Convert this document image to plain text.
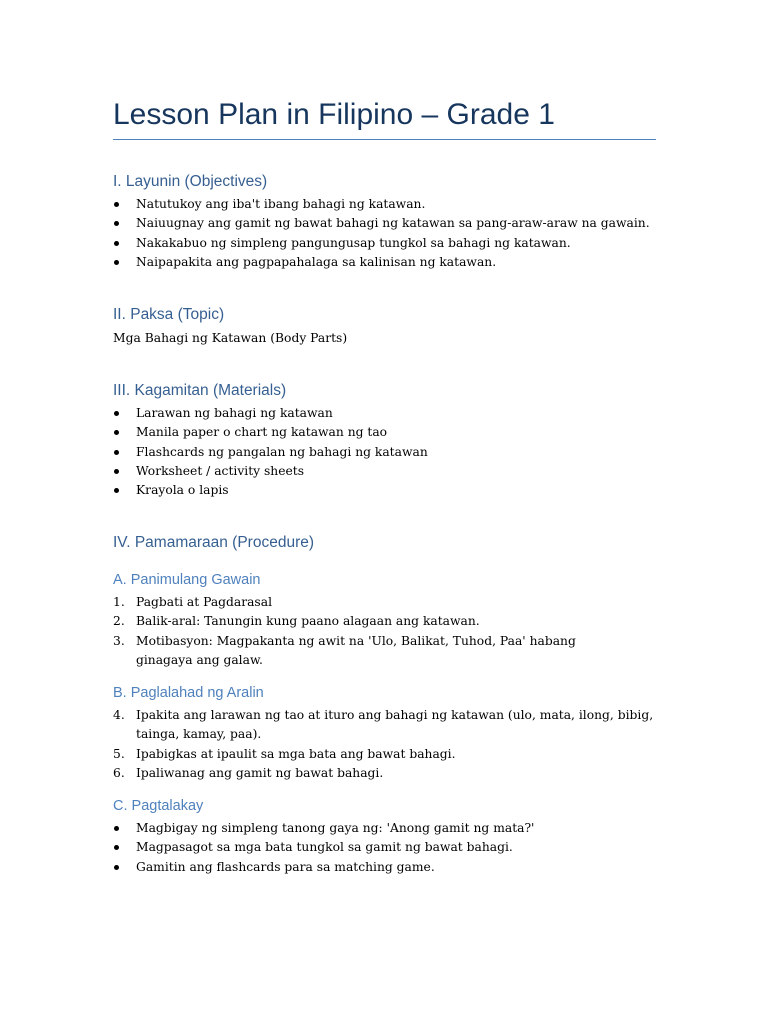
Lesson Plan in Filipino – Grade 1
I. Layunin (Objectives)
Natutukoy ang iba't ibang bahagi ng katawan.
Naiuugnay ang gamit ng bawat bahagi ng katawan sa pang-araw-araw na gawain.
Nakakabuo ng simpleng pangungusap tungkol sa bahagi ng katawan.
Naipapakita ang pagpapahalaga sa kalinisan ng katawan.
II. Paksa (Topic)
Mga Bahagi ng Katawan (Body Parts)
III. Kagamitan (Materials)
Larawan ng bahagi ng katawan
Manila paper o chart ng katawan ng tao
Flashcards ng pangalan ng bahagi ng katawan
Worksheet / activity sheets
Krayola o lapis
IV. Pamamaraan (Procedure)
A. Panimulang Gawain
1. Pagbati at Pagdarasal
2. Balik-aral: Tanungin kung paano alagaan ang katawan.
3. Motibasyon: Magpakanta ng awit na 'Ulo, Balikat, Tuhod, Paa' habang ginagaya ang galaw.
B. Paglalahad ng Aralin
4. Ipakita ang larawan ng tao at ituro ang bahagi ng katawan (ulo, mata, ilong, bibig, tainga, kamay, paa).
5. Ipabigkas at ipaulit sa mga bata ang bawat bahagi.
6. Ipaliwanag ang gamit ng bawat bahagi.
C. Pagtalakay
Magbigay ng simpleng tanong gaya ng: 'Anong gamit ng mata?'
Magpasagot sa mga bata tungkol sa gamit ng bawat bahagi.
Gamitin ang flashcards para sa matching game.
